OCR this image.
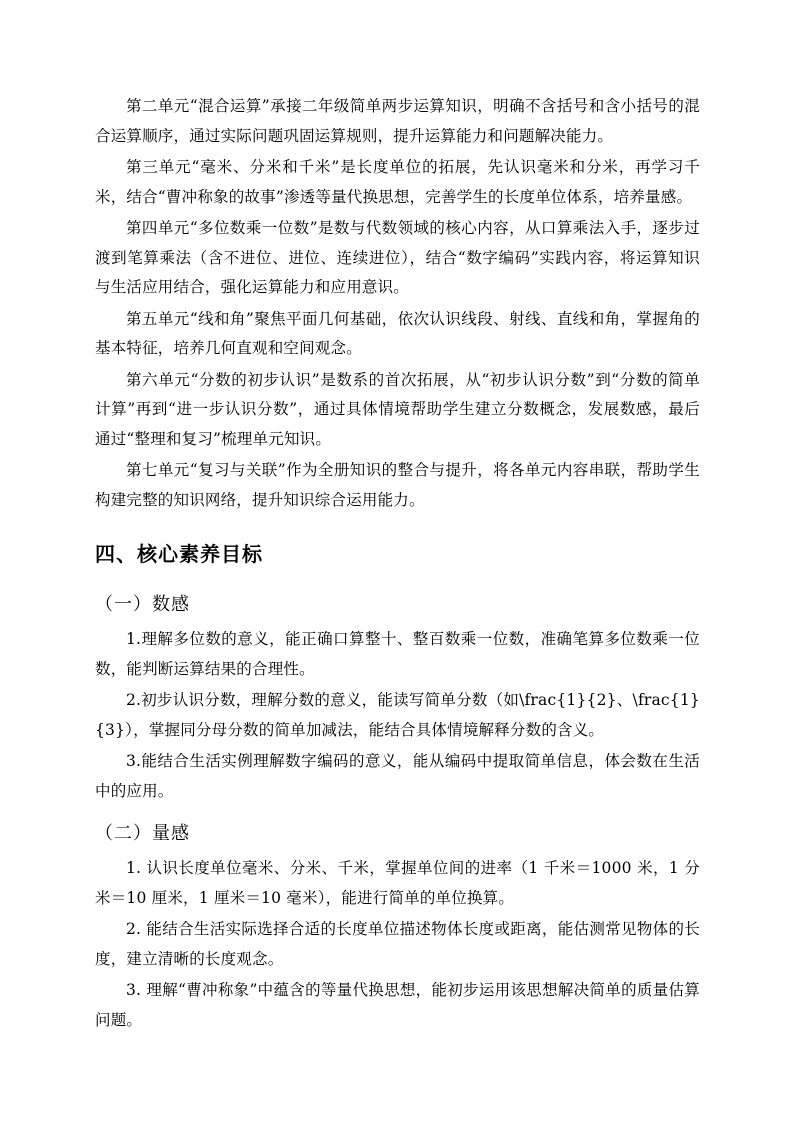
第二单元“混合运算”承接二年级简单两步运算知识，明确不含括号和含小括号的混合运算顺序，通过实际问题巩固运算规则，提升运算能力和问题解决能力。

第三单元“毫米、分米和千米”是长度单位的拓展，先认识毫米和分米，再学习千米，结合“曹冲称象的故事”渗透等量代换思想，完善学生的长度单位体系，培养量感。

第四单元“多位数乘一位数”是数与代数领域的核心内容，从口算乘法入手，逐步过渡到笔算乘法（含不进位、进位、连续进位），结合“数字编码”实践内容，将运算知识与生活应用结合，强化运算能力和应用意识。

第五单元“线和角”聚焦平面几何基础，依次认识线段、射线、直线和角，掌握角的基本特征，培养几何直观和空间观念。

第六单元“分数的初步认识”是数系的首次拓展，从“初步认识分数”到“分数的简单计算”再到“进一步认识分数”，通过具体情境帮助学生建立分数概念，发展数感，最后通过“整理和复习”梳理单元知识。

第七单元“复习与关联”作为全册知识的整合与提升，将各单元内容串联，帮助学生构建完整的知识网络，提升知识综合运用能力。

四、核心素养目标
（一）数感

1.理解多位数的意义，能正确口算整十、整百数乘一位数，准确笔算多位数乘一位数，能判断运算结果的合理性。

2.初步认识分数，理解分数的意义，能读写简单分数（如\frac{1}{2}、\frac{1}{3}），掌握同分母分数的简单加减法，能结合具体情境解释分数的含义。

3.能结合生活实例理解数字编码的意义，能从编码中提取简单信息，体会数在生活中的应用。

（二）量感

1. 认识长度单位毫米、分米、千米，掌握单位间的进率（1 千米＝1000 米，1 分米＝10 厘米，1 厘米＝10 毫米），能进行简单的单位换算。

2. 能结合生活实际选择合适的长度单位描述物体长度或距离，能估测常见物体的长度，建立清晰的长度观念。

3. 理解“曹冲称象”中蕴含的等量代换思想，能初步运用该思想解决简单的质量估算问题。
